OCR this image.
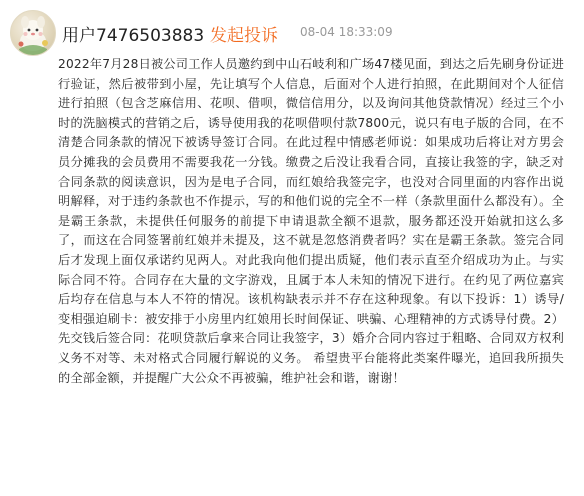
用户7476503883 发起投诉 08-04 18:33:09

2022年7月28日被公司工作人员邀约到中山石岐利和广场47楼见面，到达之后先刷身份证进行验证，然后被带到小屋，先让填写个人信息，后面对个人进行拍照，在此期间对个人征信进行拍照（包含芝麻信用、花呗、借呗，微信信用分，以及询问其他贷款情况）经过三个小时的洗脑模式的营销之后，诱导使用我的花呗借呗付款7800元，说只有电子版的合同，在不清楚合同条款的情况下被诱导签订合同。在此过程中情感老师说：如果成功后将让对方男会员分摊我的会员费用不需要我花一分钱。缴费之后没让我看合同，直接让我签的字，缺乏对合同条款的阅读意识，因为是电子合同，而红娘给我签完字，也没对合同里面的内容作出说明解释，对于违约条款也不作提示，写的和他们说的完全不一样（条款里面什么都没有）。全是霸王条款，未提供任何服务的前提下申请退款全额不退款，服务都还没开始就扣这么多了，而这在合同签署前红娘并未提及，这不就是忽悠消费者吗？实在是霸王条款。签完合同后才发现上面仅承诺约见两人。对此我向他们提出质疑，他们表示直至介绍成功为止。与实际合同不符。合同存在大量的文字游戏，且属于本人未知的情况下进行。在约见了两位嘉宾后均存在信息与本人不符的情况。该机构缺表示并不存在这种现象。有以下投诉：1）诱导/变相强迫刷卡：被安排于小房里内红娘用长时间保证、哄骗、心理精神的方式诱导付费。2）先交钱后签合同：花呗贷款后拿来合同让我签字，3）婚介合同内容过于粗略、合同双方权利义务不对等、未对格式合同履行解说的义务。 希望贵平台能将此类案件曝光，追回我所损失的全部金额，并提醒广大公众不再被骗，维护社会和谐，谢谢！
